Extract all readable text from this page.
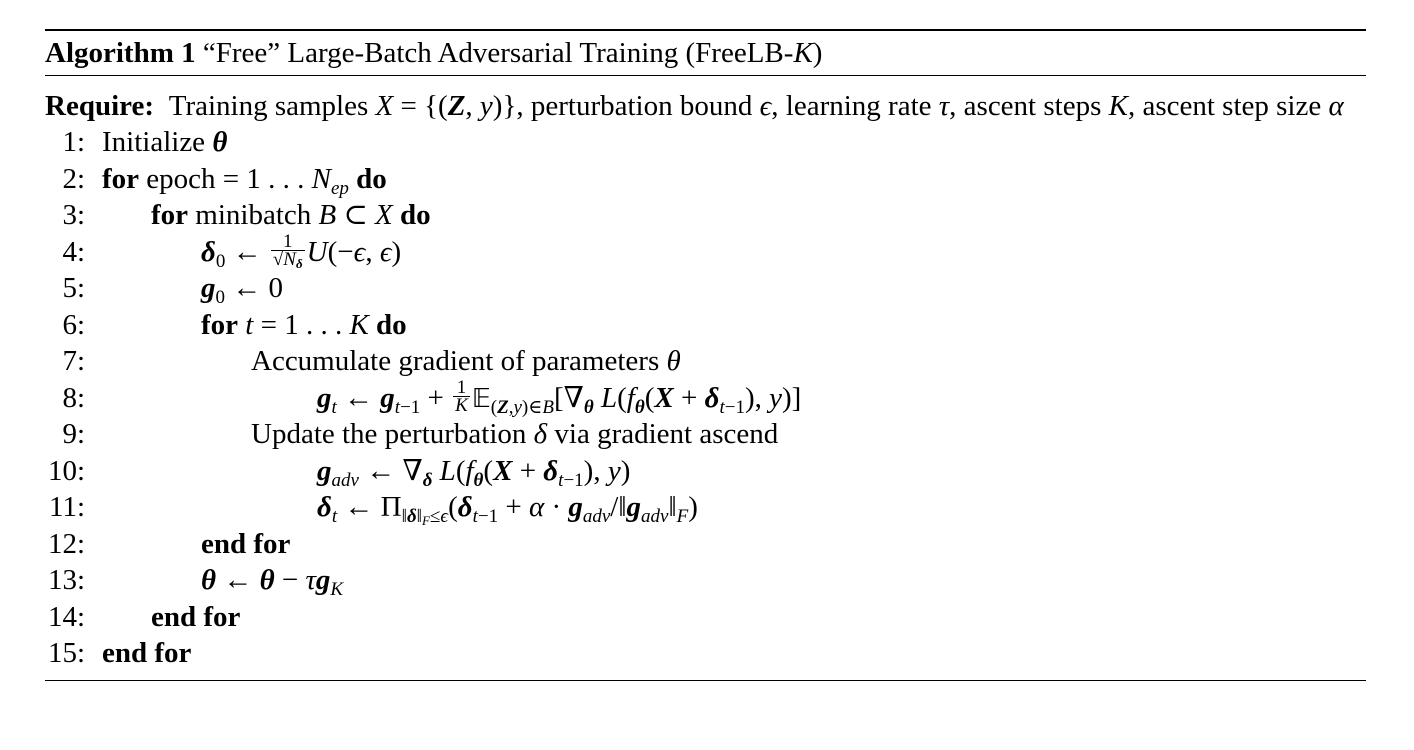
Algorithm 1 “Free” Large-Batch Adversarial Training (FreeLB-K)
Require: Training samples X = {(Z, y)}, perturbation bound ϵ, learning rate τ, ascent steps K, ascent step size α
1: Initialize θ
2: for epoch = 1 . . . $N_{ep}$ do
3: for minibatch B ⊂ X do
4:	$\delta_0$ ← $\frac{1}{√N_\delta} U(-\epsilon$, ϵ)
5:	$g_0$ ← 0
6:	for t = 1 . . . K do
7:	Accumulate gradient of parameters θ
8:	$g_t$ ← $g_{t-1} + \frac{1}{K}$ $𝔼_{(Z,y)\in B}[\nabla_\theta$ $L(f_\theta(X + \delta_{t-1})$, y)]
9:	Update the perturbation δ via gradient ascend
10:	$g_{adv}$ ← $\nabla_\delta$ $L(f_\theta(X + \delta_{t-1})$, y)
11:	$\delta_t$ ← $\Pi_{‖\delta‖_F\le\epsilon}(\delta_{t-1} + \alpha$ · $g_{adv}/‖g_{adv}‖_F$)
12:	end for
13:	θ ← $\theta - \tau g_K$
14: end for
15: end for
